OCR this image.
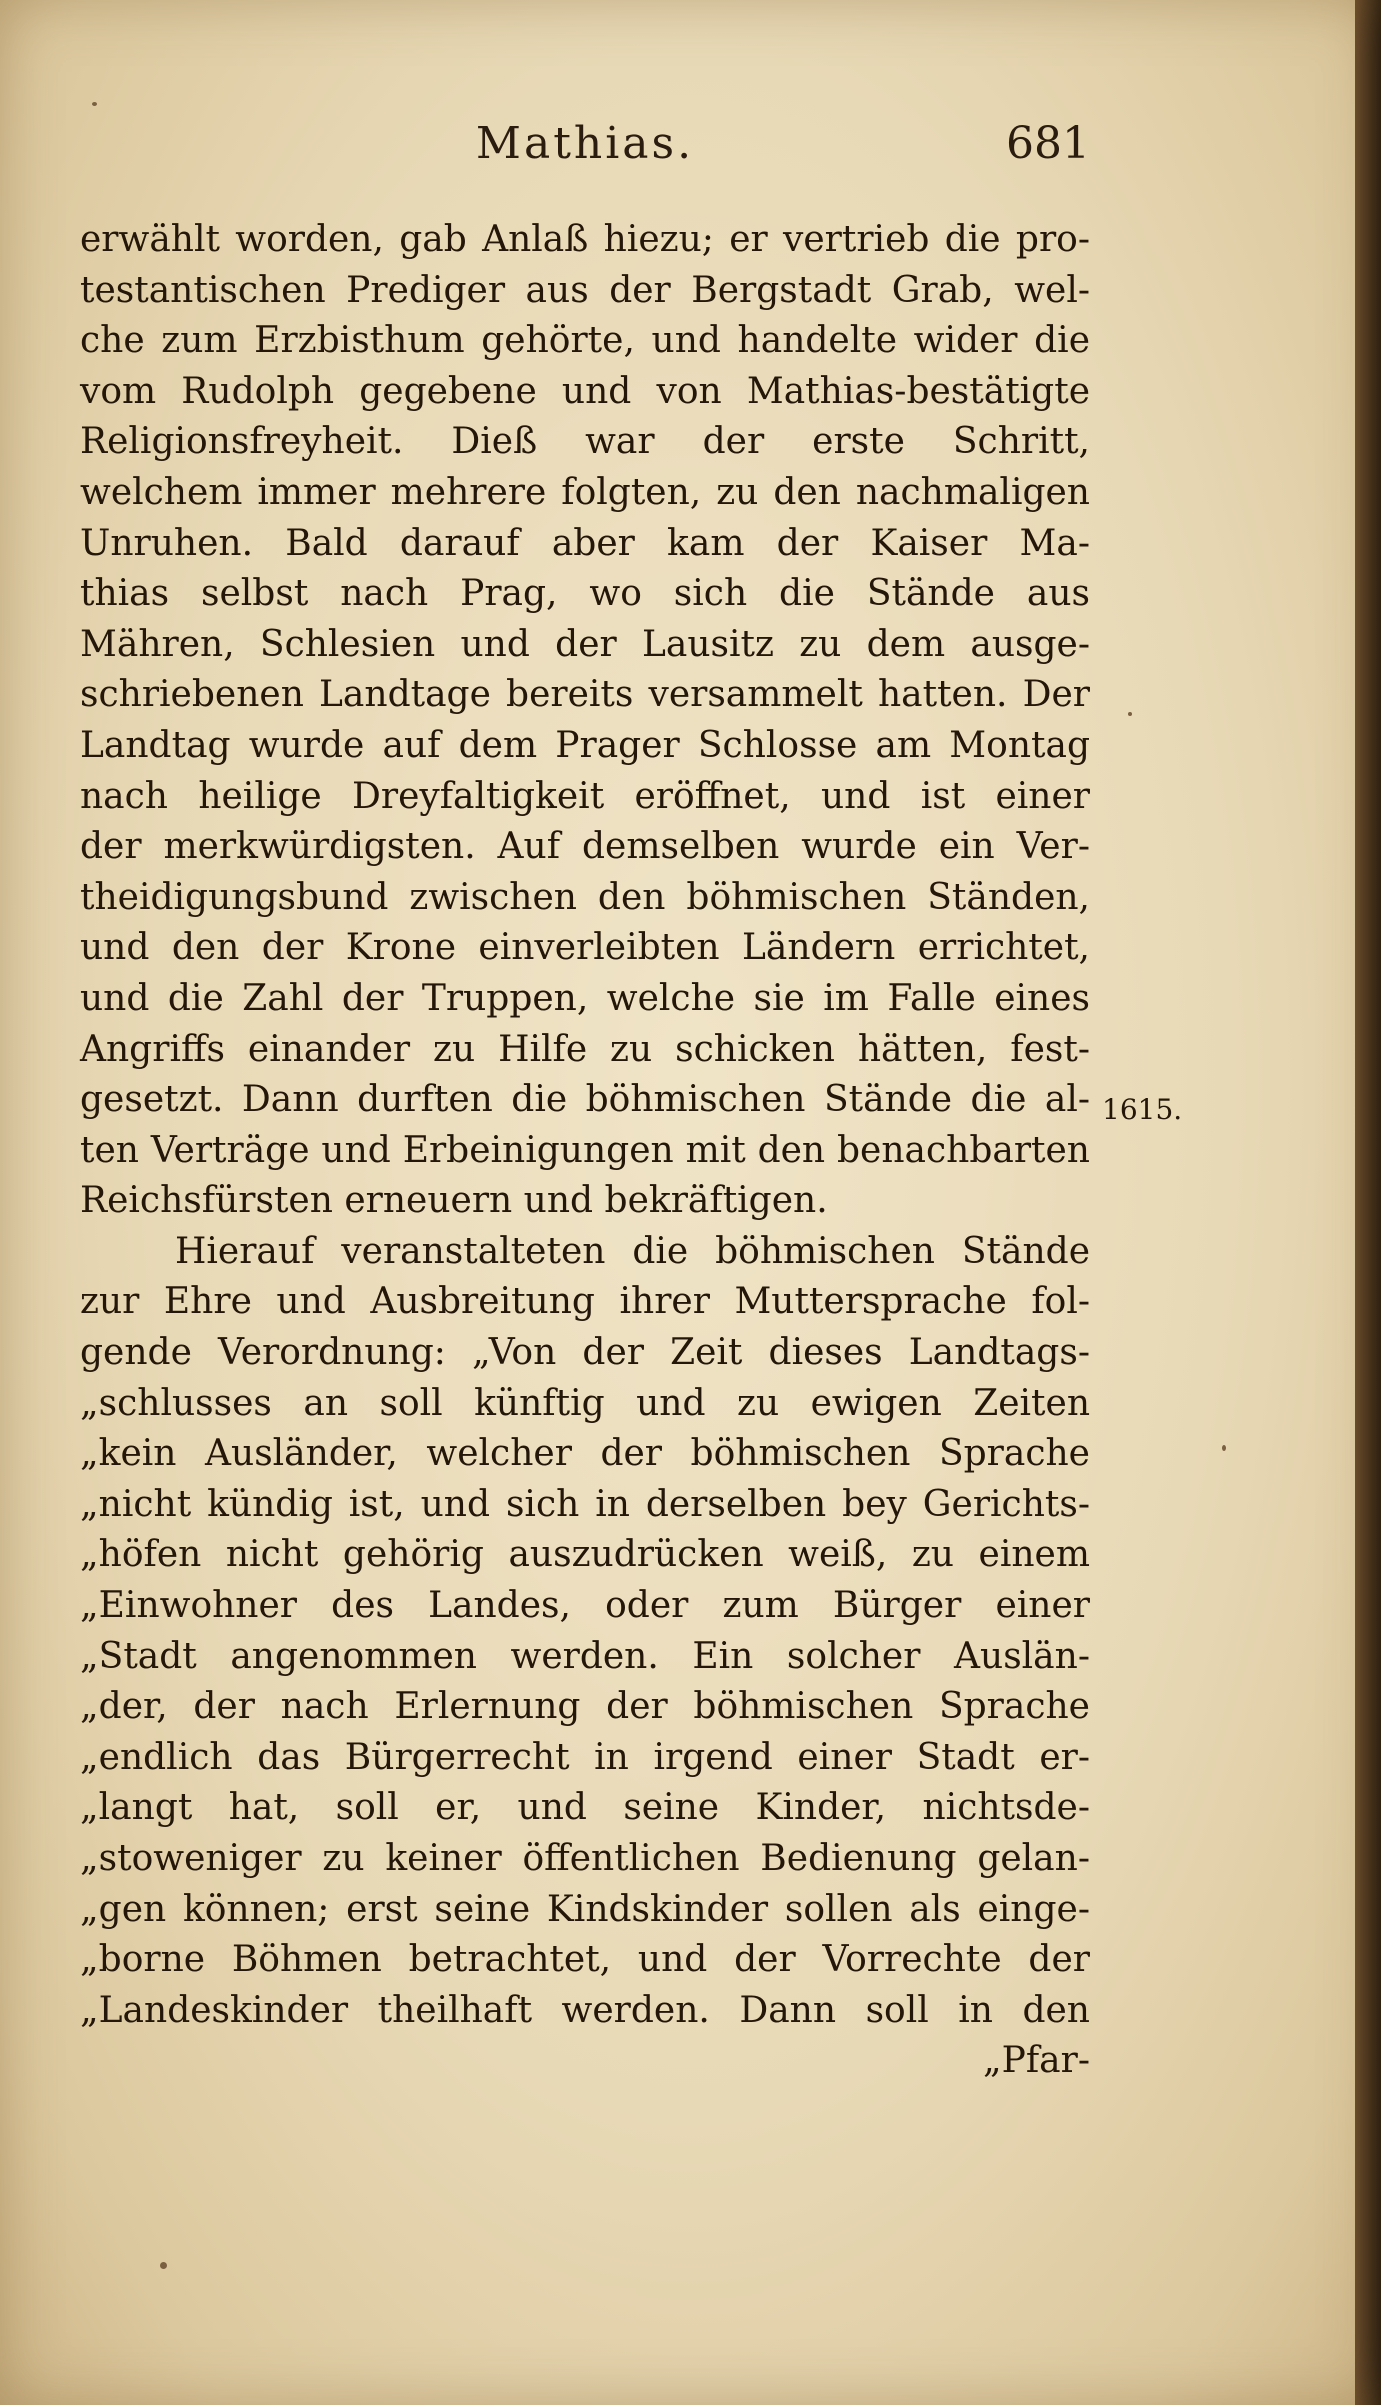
Mathias.	681
erwählt worden, gab Anlaß hiezu; er vertrieb die pro-
testantischen Prediger aus der Bergstadt Grab, wel-
che zum Erzbisthum gehörte, und handelte wider die
vom Rudolph gegebene und von Mathias-bestätigte
Religionsfreyheit. Dieß war der erste Schritt,
welchem immer mehrere folgten, zu den nachmaligen
Unruhen. Bald darauf aber kam der Kaiser Ma-
thias selbst nach Prag, wo sich die Stände aus
Mähren, Schlesien und der Lausitz zu dem ausge-
schriebenen Landtage bereits versammelt hatten. Der
Landtag wurde auf dem Prager Schlosse am Montag
nach heilige Dreyfaltigkeit eröffnet, und ist einer
der merkwürdigsten. Auf demselben wurde ein Ver-
theidigungsbund zwischen den böhmischen Ständen,
und den der Krone einverleibten Ländern errichtet,
und die Zahl der Truppen, welche sie im Falle eines
Angriffs einander zu Hilfe zu schicken hätten, fest-
gesetzt. Dann durften die böhmischen Stände die al-
ten Verträge und Erbeinigungen mit den benachbarten
Reichsfürsten erneuern und bekräftigen.
Hierauf veranstalteten die böhmischen Stände
zur Ehre und Ausbreitung ihrer Muttersprache fol-
gende Verordnung: „Von der Zeit dieses Landtags-
„schlusses an soll künftig und zu ewigen Zeiten
„kein Ausländer, welcher der böhmischen Sprache
„nicht kündig ist, und sich in derselben bey Gerichts-
„höfen nicht gehörig auszudrücken weiß, zu einem
„Einwohner des Landes, oder zum Bürger einer
„Stadt angenommen werden. Ein solcher Auslän-
„der, der nach Erlernung der böhmischen Sprache
„endlich das Bürgerrecht in irgend einer Stadt er-
„langt hat, soll er, und seine Kinder, nichtsde-
„stoweniger zu keiner öffentlichen Bedienung gelan-
„gen können; erst seine Kindskinder sollen als einge-
„borne Böhmen betrachtet, und der Vorrechte der
„Landeskinder theilhaft werden. Dann soll in den
„Pfar-
1615.
